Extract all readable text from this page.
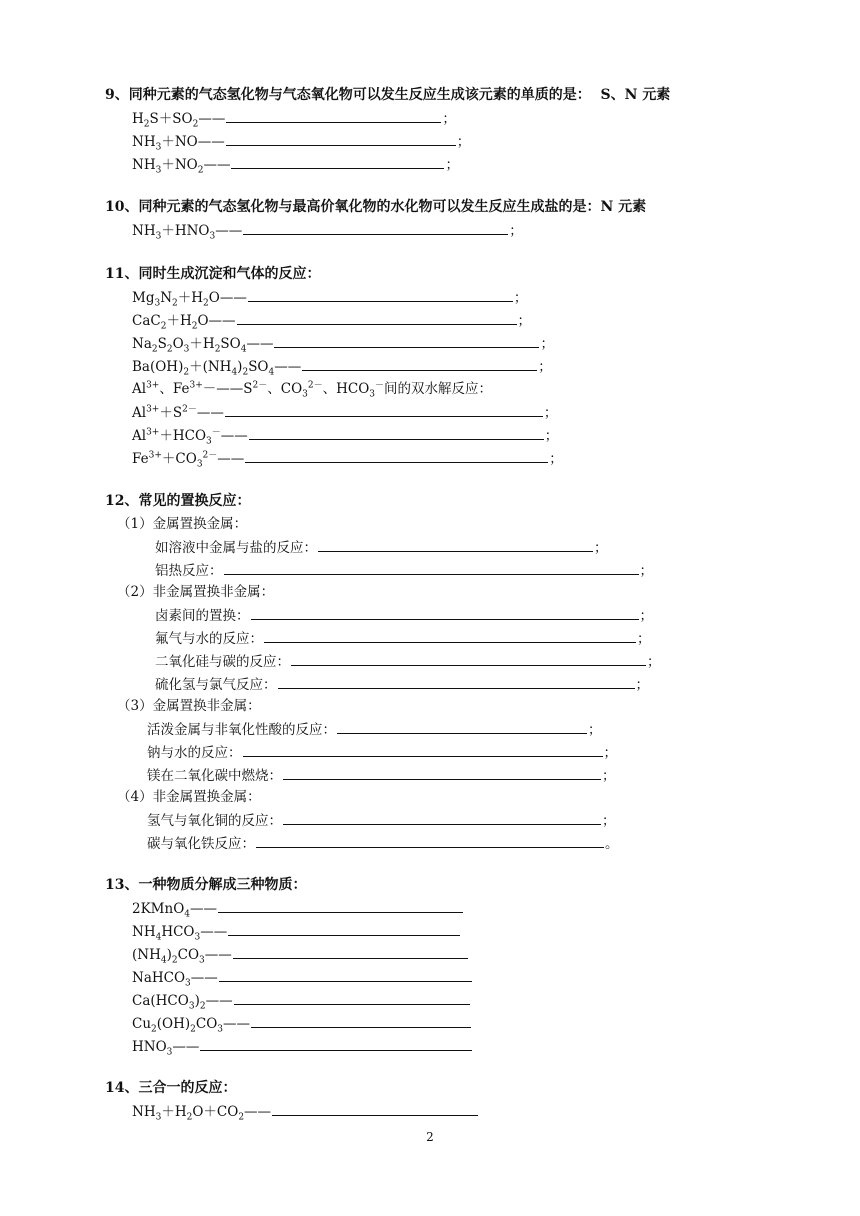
9、同种元素的气态氢化物与气态氧化物可以发生反应生成该元素的单质的是：  S、N 元素
$H_2S+SO_2——$	；
$NH_3+NO——$	；
$NH_3+NO_2——$	；
10、同种元素的气态氢化物与最高价氧化物的水化物可以发生反应生成盐的是：N 元素
$NH_3+HNO_3——$	；
11、同时生成沉淀和气体的反应：
$Mg_3N_2+H_2O——$	；
$CaC_2+H_2O——$	；
$Na_2S_2O_3+H_2SO_4——$	；
$Ba(OH)_2+(NH_4)_2SO_4——$	；
$Al^{3+}$、$Fe^{3+}-——S^{2-}$、$CO_3^{2-}$、$HCO_3^-$间的双水解反应：
$Al^{3+}+S^{2-}——$	；
$Al^{3+}+HCO_3^-——$	；
$Fe^{3+}+CO_3^{2-}——$	；
12、常见的置换反应：
（1）金属置换金属：
如溶液中金属与盐的反应：	；
铝热反应：	；
（2）非金属置换非金属：
卤素间的置换：	；
氟气与水的反应：	；
二氧化硅与碳的反应：	；
硫化氢与氯气反应：	；
（3）金属置换非金属：
活泼金属与非氧化性酸的反应：	；
钠与水的反应：	；
镁在二氧化碳中燃烧：	；
（4）非金属置换金属：
氢气与氧化铜的反应：	；
碳与氧化铁反应：	。
13、一种物质分解成三种物质：
2KMnO$_4$——
$NH_4HCO_3——$
$(NH_4)_2CO_3——$
NaHCO$_3$——
$Ca(HCO_3)_2——$
$Cu_2(OH)_2CO_3——$
$HNO_3——$
14、三合一的反应：
$NH_3+H_2O+CO_2——$
2
